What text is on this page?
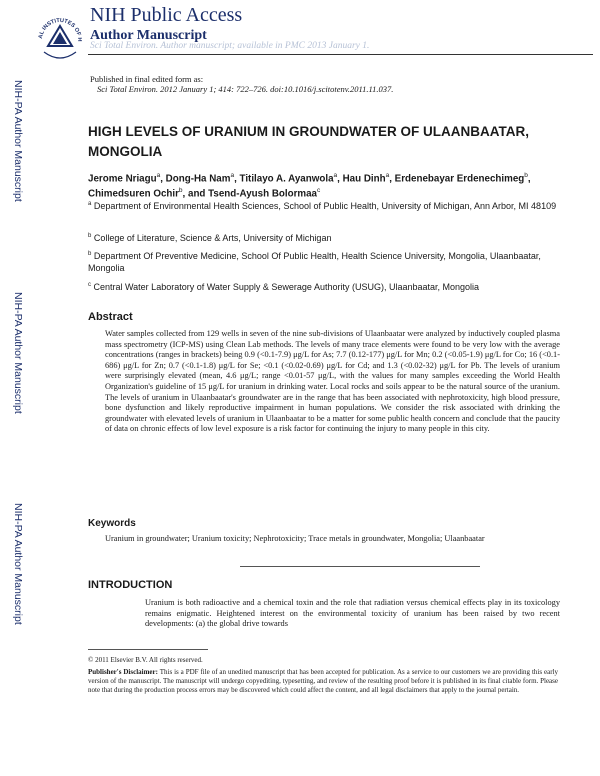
AL INSTITUTES OF H
NIH Public Access
Author Manuscript
Sci Total Environ. Author manuscript; available in PMC 2013 January 1.
Published in final edited form as:
Sci Total Environ. 2012 January 1; 414: 722–726. doi:10.1016/j.scitotenv.2011.11.037.
NIH-PA Author Manuscript
NIH-PA Author Manuscript
NIH-PA Author Manuscript
HIGH LEVELS OF URANIUM IN GROUNDWATER OF ULAANBAATAR, MONGOLIA
Jerome Nriagu$^a$, Dong-Ha Nam$^a$, Titilayo A. Ayanwola$^a$, Hau Dinh$^a$, Erdenebayar Erdenechimeg$^b$, Chimedsuren Ochir$^b$, and Tsend-Ayush Bolormaa$^c$
$^a$ Department of Environmental Health Sciences, School of Public Health, University of Michigan, Ann Arbor, MI 48109
$^b$ College of Literature, Science & Arts, University of Michigan
$^b$ Department Of Preventive Medicine, School Of Public Health, Health Science University, Mongolia, Ulaanbaatar, Mongolia
$^c$ Central Water Laboratory of Water Supply & Sewerage Authority (USUG), Ulaanbaatar, Mongolia
Abstract
Water samples collected from 129 wells in seven of the nine sub-divisions of Ulaanbaatar were analyzed by inductively coupled plasma mass spectrometry (ICP-MS) using Clean Lab methods. The levels of many trace elements were found to be very low with the average concentrations (ranges in brackets) being 0.9 (<0.1-7.9) μg/L for As; 7.7 (0.12-177) μg/L for Mn; 0.2 (<0.05-1.9) μg/L for Co; 16 (<0.1-686) μg/L for Zn; 0.7 (<0.1-1.8) μg/L for Se; <0.1 (<0.02-0.69) μg/L for Cd; and 1.3 (<0.02-32) μg/L for Pb. The levels of uranium were surprisingly elevated (mean, 4.6 μg/L; range <0.01-57 μg/L, with the values for many samples exceeding the World Health Organization's guideline of 15 μg/L for uranium in drinking water. Local rocks and soils appear to be the natural source of the uranium. The levels of uranium in Ulaanbaatar's groundwater are in the range that has been associated with nephrotoxicity, high blood pressure, bone dysfunction and likely reproductive impairment in human populations. We consider the risk associated with drinking the groundwater with elevated levels of uranium in Ulaanbaatar to be a matter for some public health concern and conclude that the paucity of data on chronic effects of low level exposure is a risk factor for continuing the injury to many people in this city.
Keywords
Uranium in groundwater; Uranium toxicity; Nephrotoxicity; Trace metals in groundwater, Mongolia; Ulaanbaatar
INTRODUCTION
Uranium is both radioactive and a chemical toxin and the role that radiation versus chemical effects play in its toxicology remains enigmatic. Heightened interest on the environmental toxicity of uranium has been raised by two recent developments: (a) the global drive towards
© 2011 Elsevier B.V. All rights reserved.
Publisher's Disclaimer: This is a PDF file of an unedited manuscript that has been accepted for publication. As a service to our customers we are providing this early version of the manuscript. The manuscript will undergo copyediting, typesetting, and review of the resulting proof before it is published in its final citable form. Please note that during the production process errors may be discovered which could affect the content, and all legal disclaimers that apply to the journal pertain.
